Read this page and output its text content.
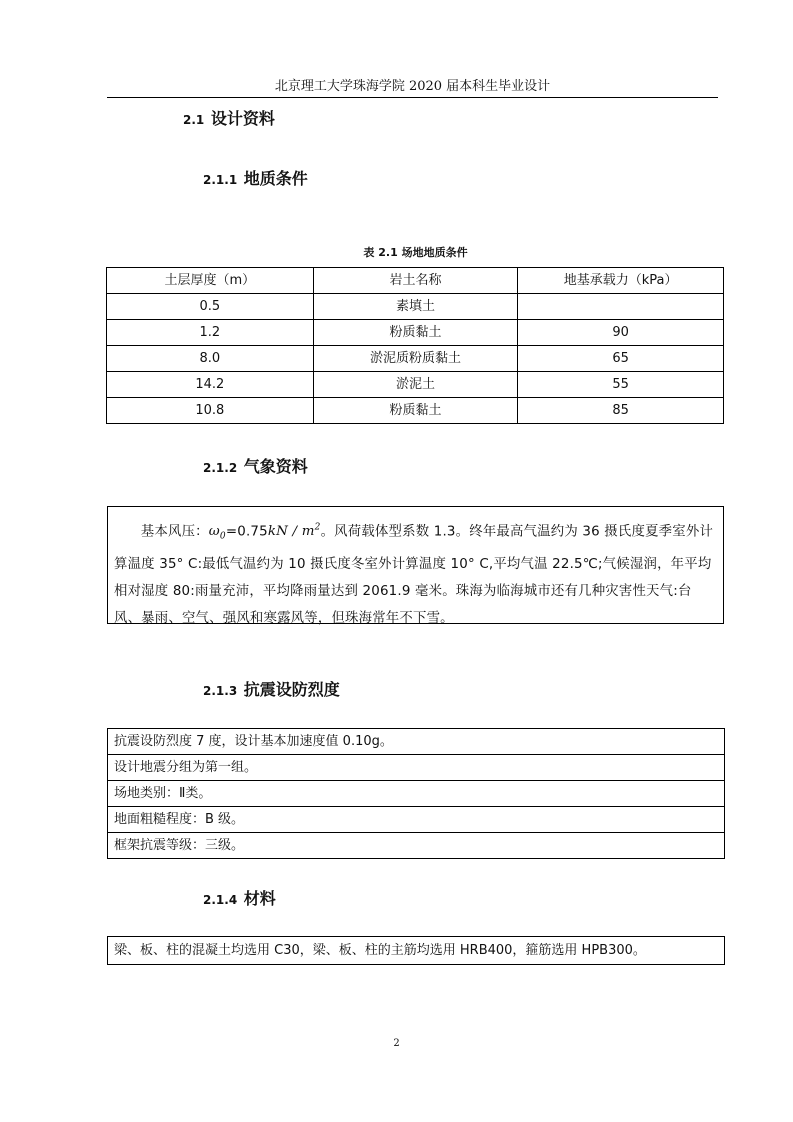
北京理工大学珠海学院 2020 届本科生毕业设计
2.1 设计资料
2.1.1 地质条件
表 2.1 场地地质条件
土层厚度（m）	岩土名称	地基承载力（kPa）
0.5	素填土	
1.2	粉质黏土	90
8.0	淤泥质粉质黏土	65
14.2	淤泥土	55
10.8	粉质黏土	85
2.1.2 气象资料

基本风压：$\omega_0=0.75kN / m^2$。风荷载体型系数 1.3。终年最高气温约为 36 摄氏度夏季室外计算温度 35° C:最低气温约为 10 摄氏度冬室外计算温度 10° C,平均气温 22.5℃;气候湿润，年平均相对湿度 80:雨量充沛，平均降雨量达到 2061.9 毫米。珠海为临海城市还有几种灾害性天气:台风、暴雨、空气、强风和寒露风等，但珠海常年不下雪。

2.1.3 抗震设防烈度
抗震设防烈度 7 度，设计基本加速度值 0.10g。
设计地震分组为第一组。
场地类别：Ⅱ类。
地面粗糙程度：B 级。
框架抗震等级：三级。
2.1.4 材料
梁、板、柱的混凝土均选用 C30，梁、板、柱的主筋均选用 HRB400，箍筋选用 HPB300。
2
